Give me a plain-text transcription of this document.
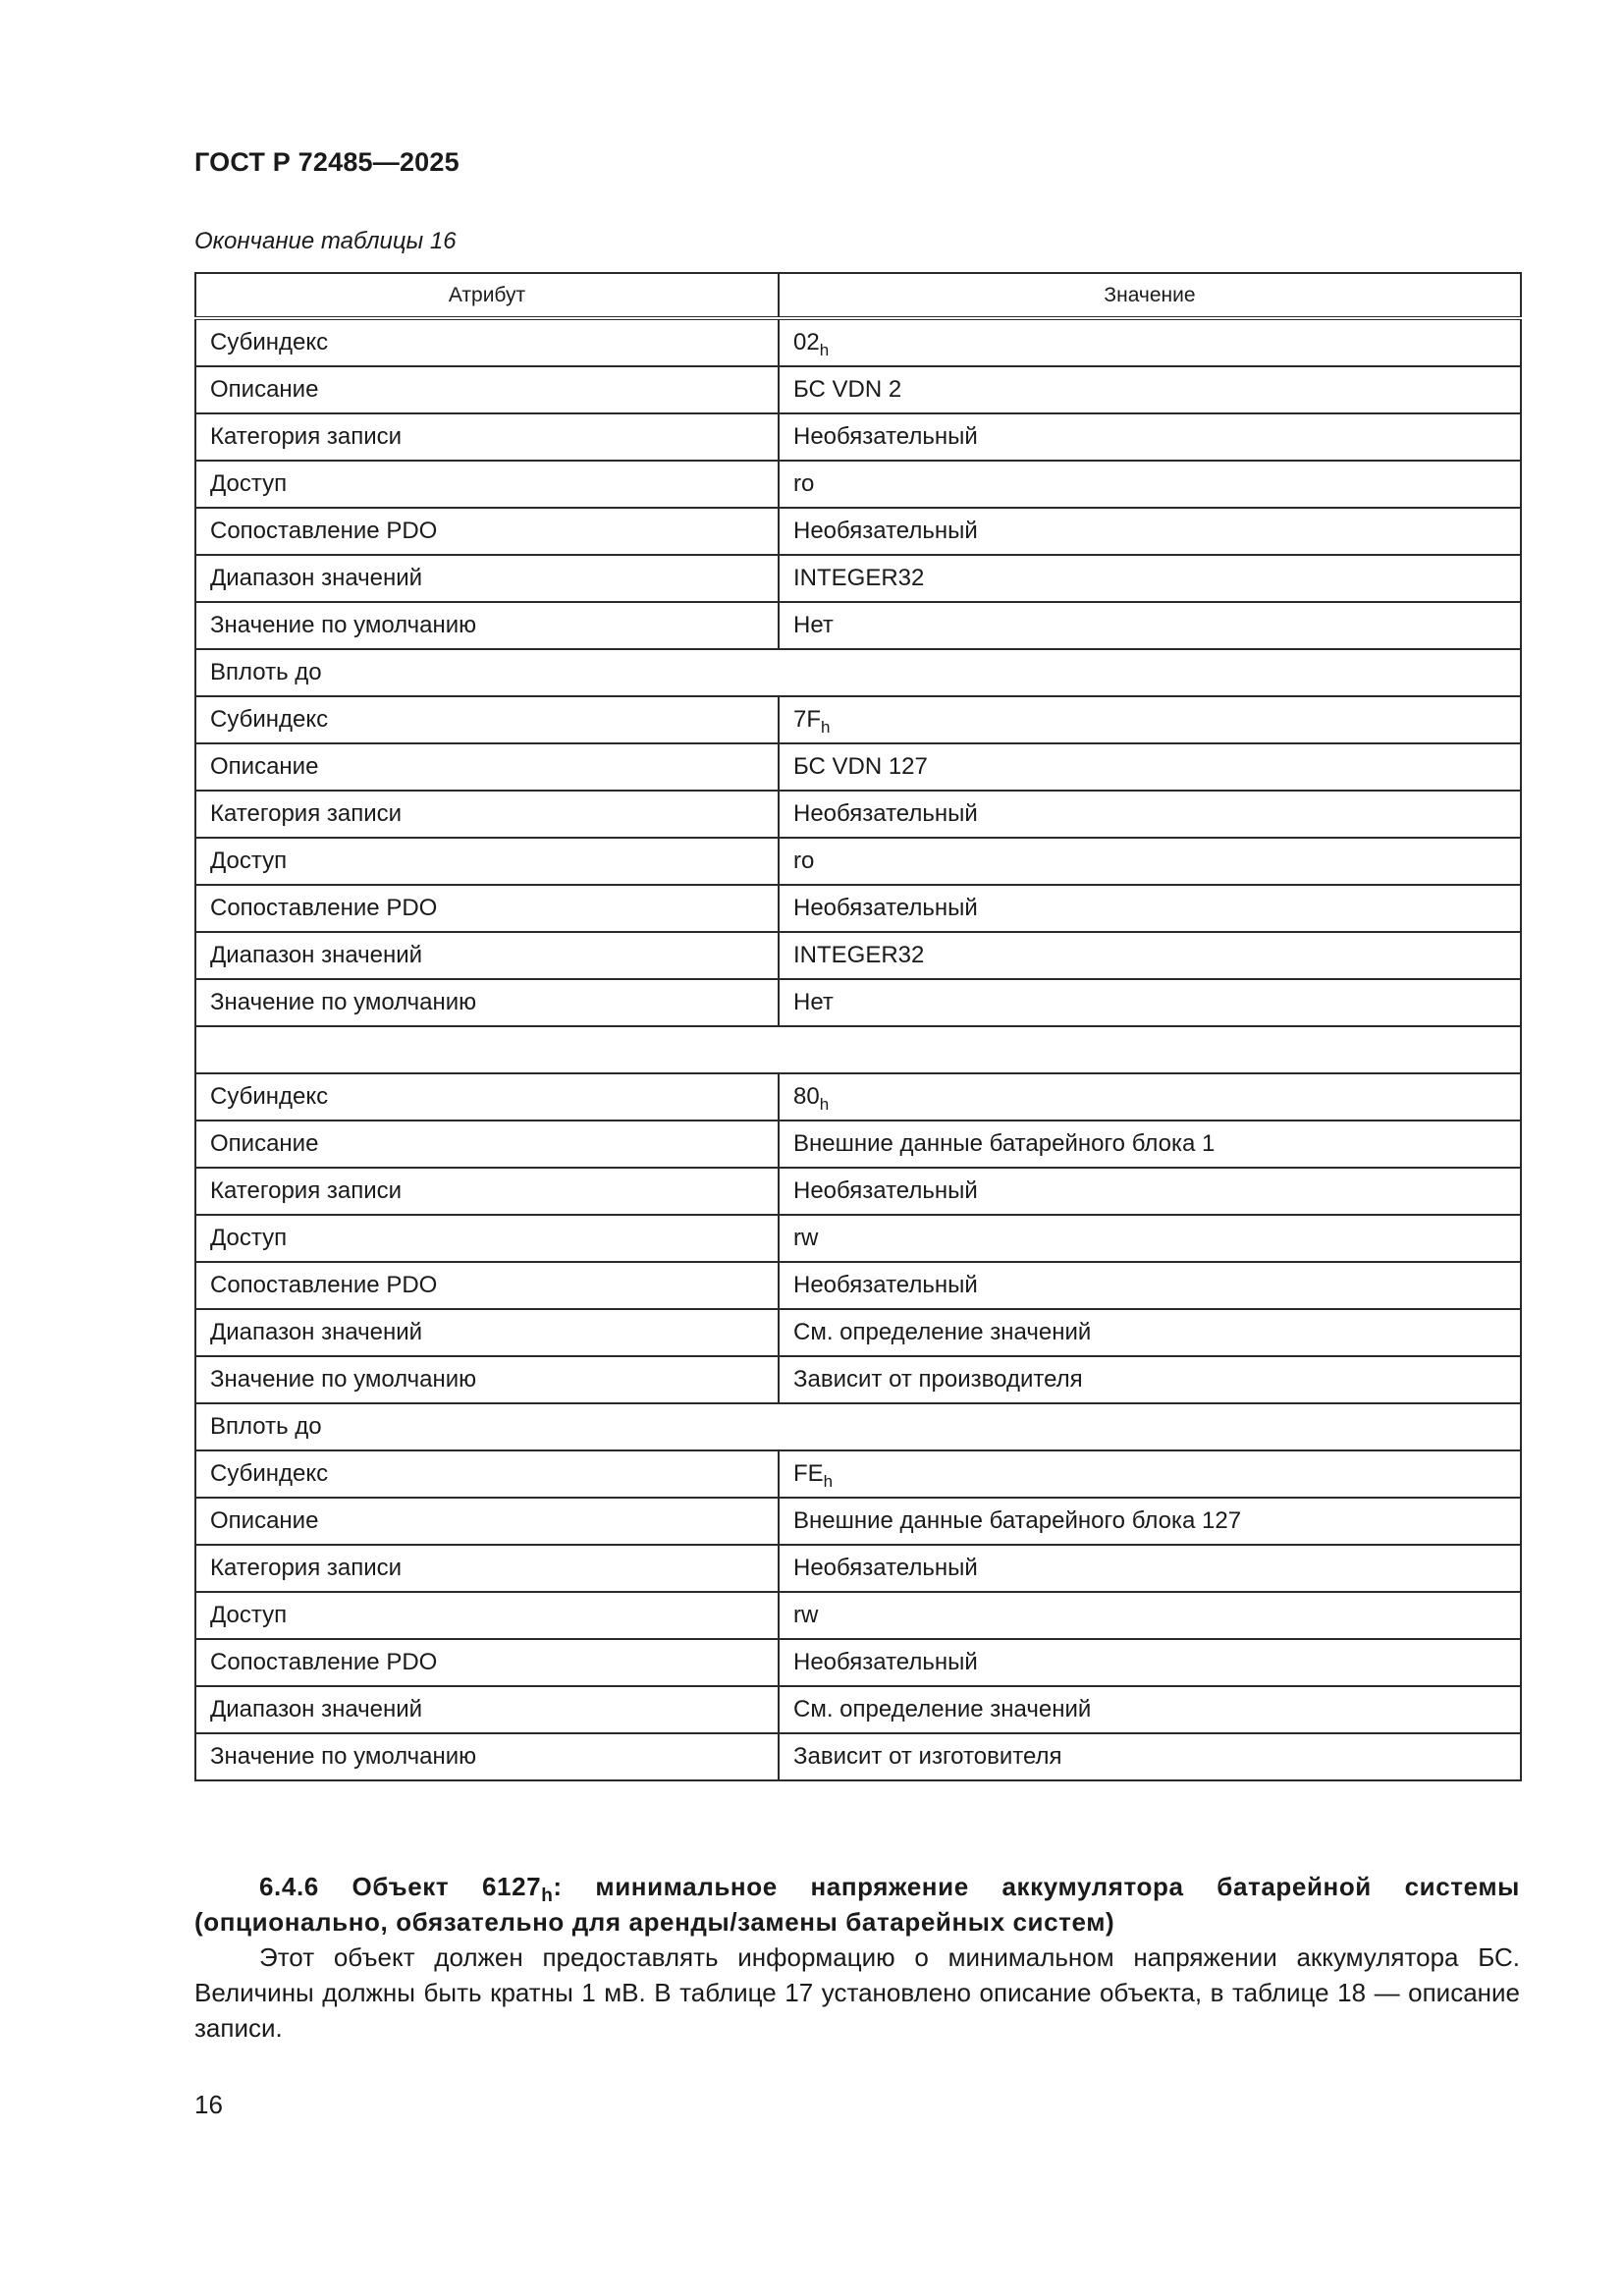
ГОСТ Р 72485—2025
Окончание таблицы 16
Атрибут	Значение
Субиндекс	$02_h$
Описание	БС VDN 2
Категория записи	Необязательный
Доступ	ro
Сопоставление PDO	Необязательный
Диапазон значений	INTEGER32
Значение по умолчанию	Нет
Вплоть до	
Субиндекс	$7F_h$
Описание	БС VDN 127
Категория записи	Необязательный
Доступ	ro
Сопоставление PDO	Необязательный
Диапазон значений	INTEGER32
Значение по умолчанию	Нет

Субиндекс	$80_h$
Описание	Внешние данные батарейного блока 1
Категория записи	Необязательный
Доступ	rw
Сопоставление PDO	Необязательный
Диапазон значений	См. определение значений
Значение по умолчанию	Зависит от производителя
Вплоть до	
Субиндекс	$FE_h$
Описание	Внешние данные батарейного блока 127
Категория записи	Необязательный
Доступ	rw
Сопоставление PDO	Необязательный
Диапазон значений	См. определение значений
Значение по умолчанию	Зависит от изготовителя
6.4.6 Объект $6127_h$: минимальное напряжение аккумулятора батарейной системы (опционально, обязательно для аренды/замены батарейных систем)
Этот объект должен предоставлять информацию о минимальном напряжении аккумулятора БС. Величины должны быть кратны 1 мВ. В таблице 17 установлено описание объекта, в таблице 18 — описание записи.
16
